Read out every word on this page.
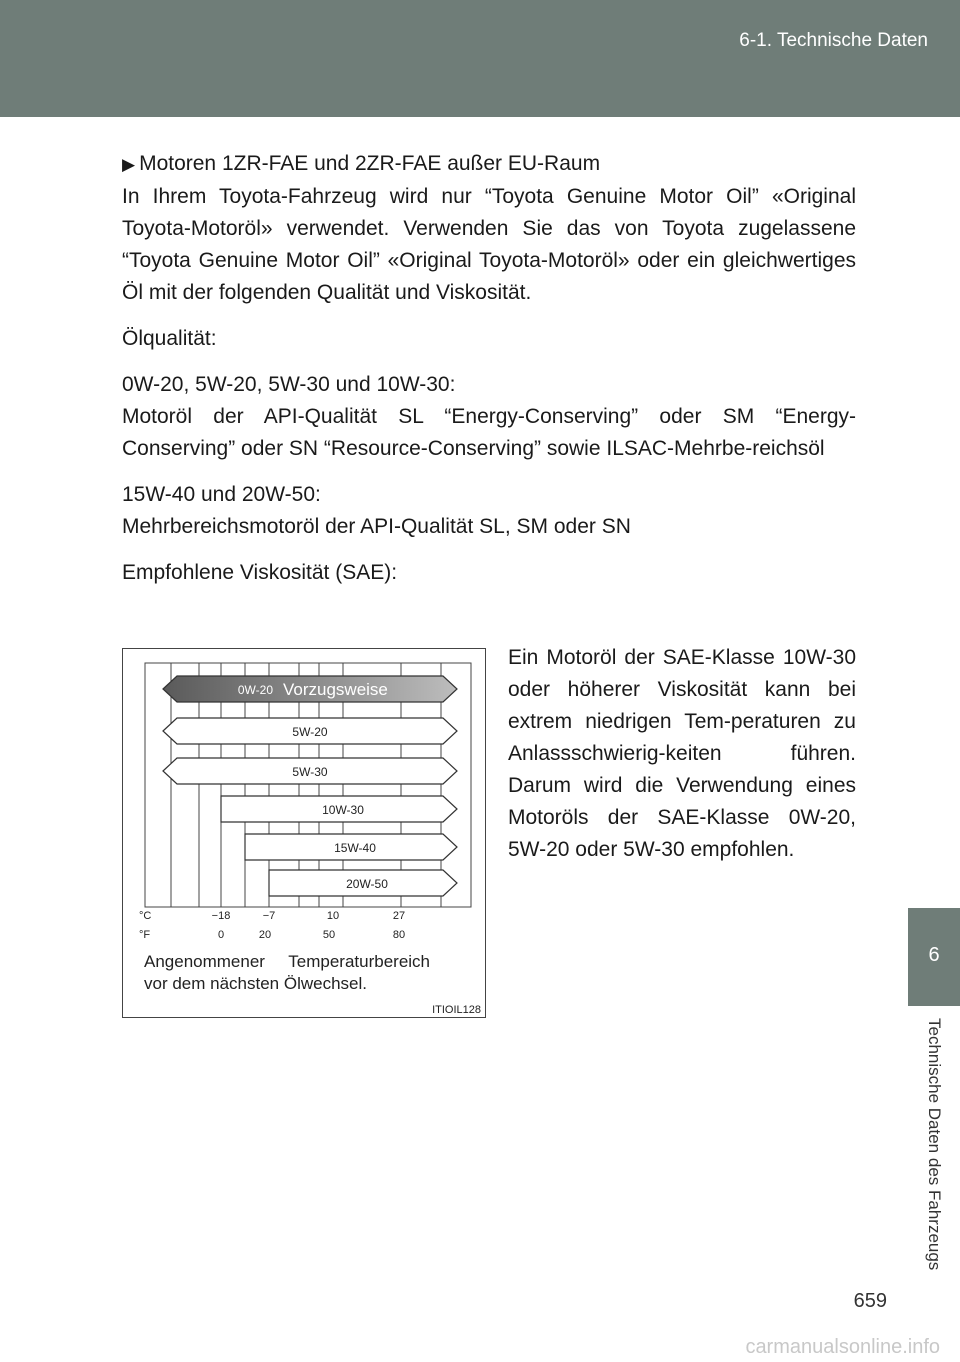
6-1. Technische Daten
6
Technische Daten des Fahrzeugs

▶ Motoren 1ZR-FAE und 2ZR-FAE außer EU-Raum

In Ihrem Toyota-Fahrzeug wird nur “Toyota Genuine Motor Oil” «Original Toyota-Motoröl» verwendet. Verwenden Sie das von Toyota zugelassene “Toyota Genuine Motor Oil” «Original Toyota-Motoröl» oder ein gleichwertiges Öl mit der folgenden Qualität und Viskosität.

Ölqualität:

0W-20, 5W-20, 5W-30 und 10W-30:

Motoröl der API-Qualität SL “Energy-Conserving” oder SM “Energy-Conserving” oder SN “Resource-Conserving” sowie ILSAC-Mehrbe-reichsöl

15W-40 und 20W-50:

Mehrbereichsmotoröl der API-Qualität SL, SM oder SN

Empfohlene Viskosität (SAE):

0W-20 Vorzugsweise
5W-20
5W-30
10W-30
15W-40
20W-50
°C
°F
−18	−7	10	27
0	20	50	80
Angenommener     Temperaturbereich
vor dem nächsten Ölwechsel.
ITIOIL128
Ein Motoröl der SAE-Klasse 10W-30 oder höherer Viskosität kann bei extrem niedrigen Tem-peraturen zu Anlassschwierig-keiten führen. Darum wird die Verwendung eines Motoröls der SAE-Klasse 0W-20, 5W-20 oder 5W-30 empfohlen.
659
carmanualsonline.info
